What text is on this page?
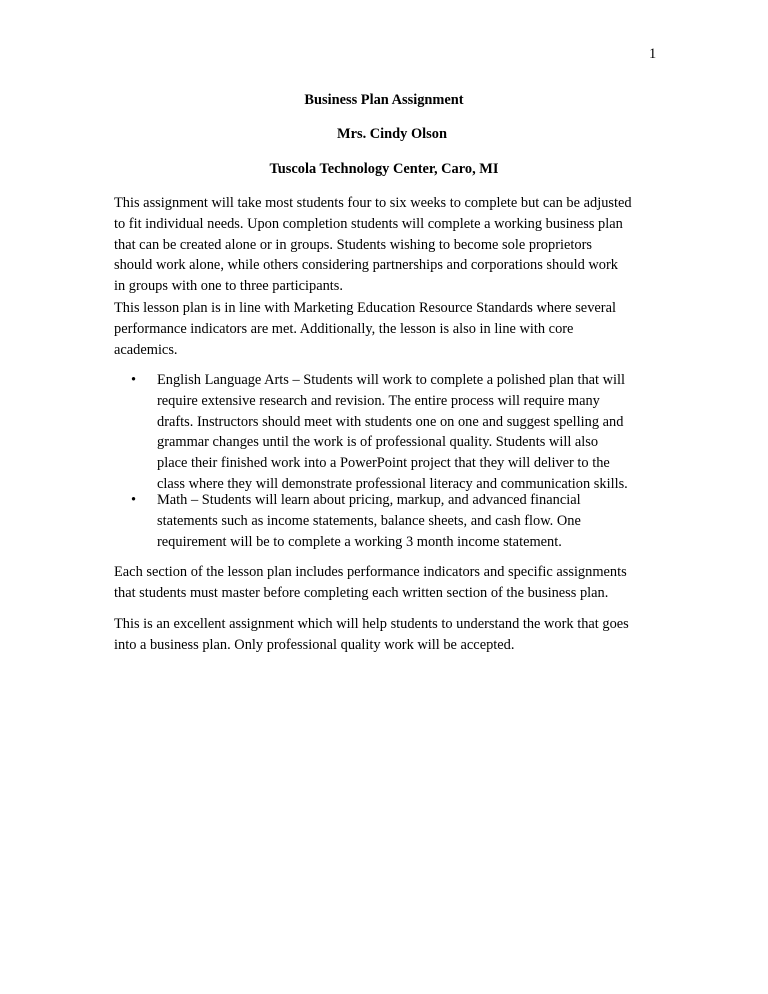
1
Business Plan Assignment
Mrs. Cindy Olson
Tuscola Technology Center, Caro, MI
This assignment will take most students four to six weeks to complete but can be adjusted
to fit individual needs. Upon completion students will complete a working business plan
that can be created alone or in groups. Students wishing to become sole proprietors
should work alone, while others considering partnerships and corporations should work
in groups with one to three participants.
This lesson plan is in line with Marketing Education Resource Standards where several
performance indicators are met. Additionally, the lesson is also in line with core
academics.
• English Language Arts – Students will work to complete a polished plan that will
require extensive research and revision. The entire process will require many
drafts. Instructors should meet with students one on one and suggest spelling and
grammar changes until the work is of professional quality. Students will also
place their finished work into a PowerPoint project that they will deliver to the
class where they will demonstrate professional literacy and communication skills.
• Math – Students will learn about pricing, markup, and advanced financial
statements such as income statements, balance sheets, and cash flow. One
requirement will be to complete a working 3 month income statement.
Each section of the lesson plan includes performance indicators and specific assignments
that students must master before completing each written section of the business plan.
This is an excellent assignment which will help students to understand the work that goes
into a business plan. Only professional quality work will be accepted.
